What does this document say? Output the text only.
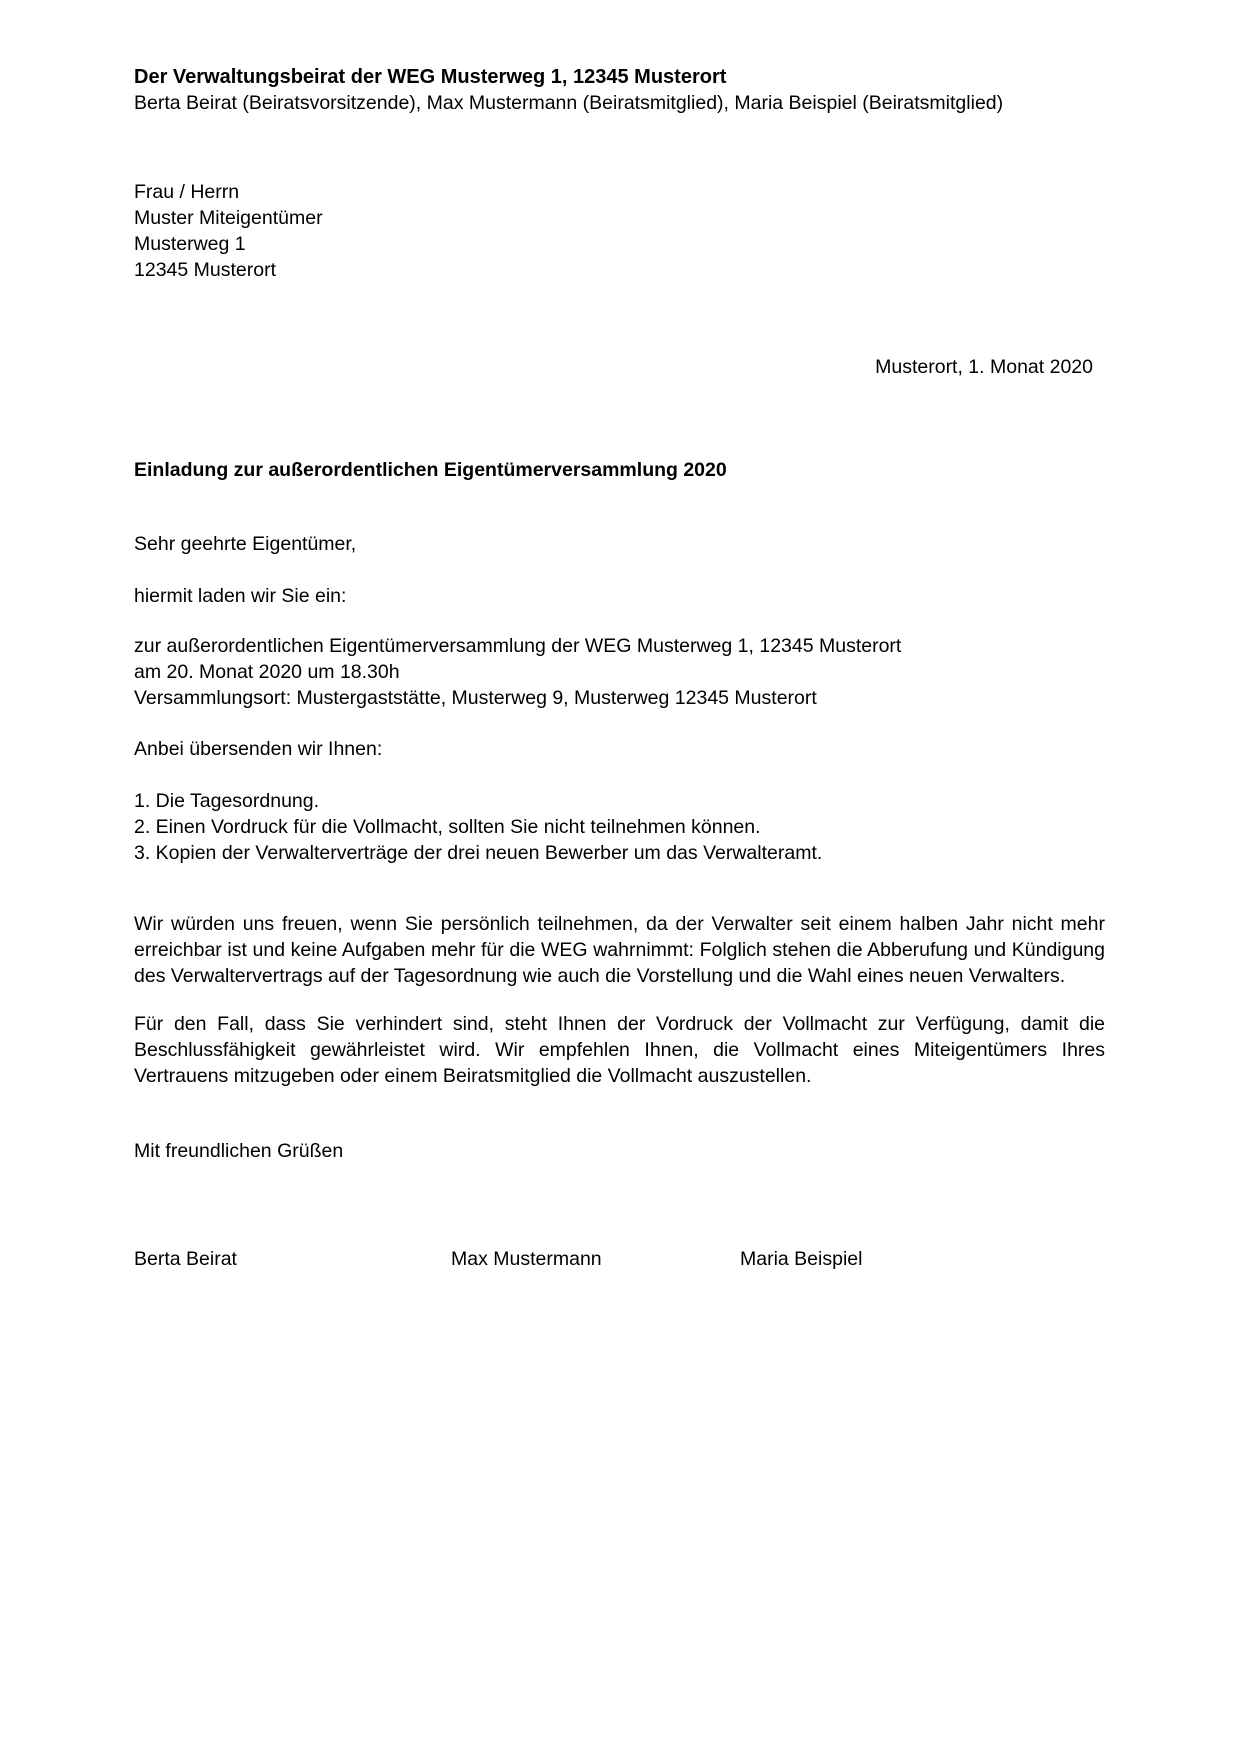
Der Verwaltungsbeirat der WEG Musterweg 1, 12345 Musterort
Berta Beirat (Beiratsvorsitzende), Max Mustermann (Beiratsmitglied), Maria Beispiel (Beiratsmitglied)
Frau / Herrn
Muster Miteigentümer
Musterweg 1
12345 Musterort
Musterort, 1. Monat 2020
Einladung zur außerordentlichen Eigentümerversammlung 2020
Sehr geehrte Eigentümer,
hiermit laden wir Sie ein:
zur außerordentlichen Eigentümerversammlung der WEG Musterweg 1, 12345 Musterort
am 20. Monat 2020 um 18.30h
Versammlungsort: Mustergaststätte, Musterweg 9, Musterweg 12345 Musterort
Anbei übersenden wir Ihnen:
1. Die Tagesordnung.
2. Einen Vordruck für die Vollmacht, sollten Sie nicht teilnehmen können.
3. Kopien der Verwalterverträge der drei neuen Bewerber um das Verwalteramt.
Wir würden uns freuen, wenn Sie persönlich teilnehmen, da der Verwalter seit einem halben Jahr nicht mehr erreichbar ist und keine Aufgaben mehr für die WEG wahrnimmt: Folglich stehen die Abberufung und Kündigung des Verwaltervertrags auf der Tagesordnung wie auch die Vorstellung und die Wahl eines neuen Verwalters.
Für den Fall, dass Sie verhindert sind, steht Ihnen der Vordruck der Vollmacht zur Verfügung, damit die Beschlussfähigkeit gewährleistet wird. Wir empfehlen Ihnen, die Vollmacht eines Miteigentümers Ihres Vertrauens mitzugeben oder einem Beiratsmitglied die Vollmacht auszustellen.
Mit freundlichen Grüßen
Berta Beirat	Max Mustermann	Maria Beispiel
